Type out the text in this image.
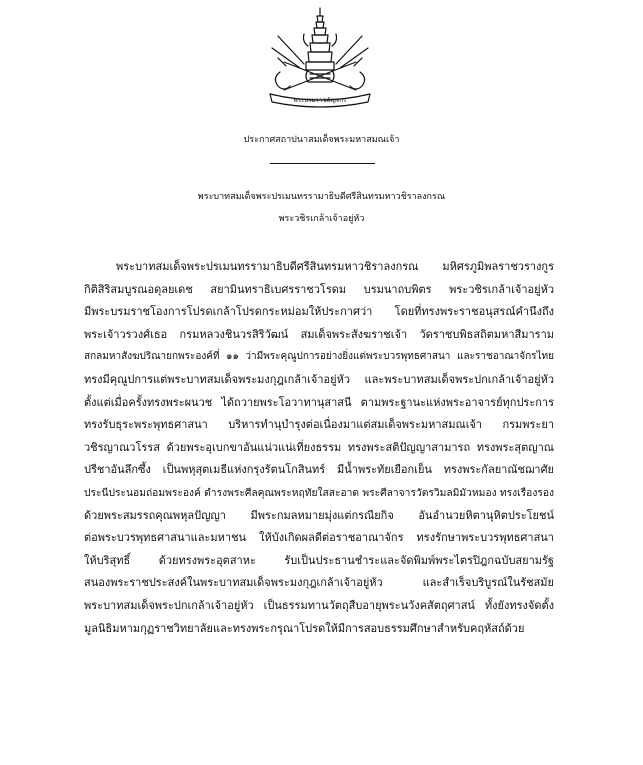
พระปรมราชลัญจกร
ประกาศสถาปนาสมเด็จพระมหาสมณเจ้า
พระบาทสมเด็จพระปรเมนทรรามาธิบดีศรีสินทรมหาวชิราลงกรณ
พระวชิรเกล้าเจ้าอยู่หัว
พระบาทสมเด็จพระปรเมนทรรามาธิบดีศรีสินทรมหาวชิราลงกรณ มหิศรภูมิพลราชวรางกูร
กิติสิริสมบูรณอดุลยเดช สยามินทราธิเบศรราชวโรดม บรมนาถบพิตร พระวชิรเกล้าเจ้าอยู่หัว
มีพระบรมราชโองการโปรดเกล้าโปรดกระหม่อมให้ประกาศว่า โดยที่ทรงพระราชอนุสรณ์คำนึงถึง
พระเจ้าวรวงศ์เธอ กรมหลวงชินวรสิริวัฒน์ สมเด็จพระสังฆราชเจ้า วัดราชบพิธสถิตมหาสีมาราม
สกลมหาสังฆปริณายกพระองค์ที่ ๑๑ ว่ามีพระคุณูปการอย่างยิ่งแต่พระบวรพุทธศาสนา และราชอาณาจักรไทย
ทรงมีคุณูปการแต่พระบาทสมเด็จพระมงกุฎเกล้าเจ้าอยู่หัว และพระบาทสมเด็จพระปกเกล้าเจ้าอยู่หัว
ตั้งแต่เมื่อครั้งทรงพระผนวช ได้ถวายพระโอวาทานุสาสนี ตามพระฐานะแห่งพระอาจารย์ทุกประการ
ทรงรับธุระพระพุทธศาสนา บริหารทำนุบำรุงต่อเนื่องมาแต่สมเด็จพระมหาสมณเจ้า กรมพระยา
วชิรญาณวโรรส ด้วยพระอุเบกขาอันแน่วแน่เที่ยงธรรม ทรงพระสติปัญญาสามารถ ทรงพระสุตญาณ
ปรีชาอันลึกซึ้ง เป็นพหุสุตเมธีแห่งกรุงรัตนโกสินทร์ มีน้ำพระทัยเยือกเย็น ทรงพระกัลยาณัชฌาศัย
ประนีประนอมถ่อมพระองค์ ดำรงพระศีลคุณพระหฤทัยใสสะอาด พระศีลาจารวัตรวิมลมิมัวหมอง ทรงเรืองรอง
ด้วยพระสมรรถคุณพหุลปัญญา มีพระกมลหมายมุ่งแต่กรณียกิจ อันอำนวยหิตานุหิตประโยชน์
ต่อพระบวรพุทธศาสนาและมหาชน ให้บังเกิดผลดีต่อราชอาณาจักร ทรงรักษาพระบวรพุทธศาสนา
ให้บริสุทธิ์ ด้วยทรงพระอุตสาหะ รับเป็นประธานชำระและจัดพิมพ์พระไตรปิฎกฉบับสยามรัฐ
สนองพระราชประสงค์ในพระบาทสมเด็จพระมงกุฎเกล้าเจ้าอยู่หัว และสำเร็จบริบูรณ์ในรัชสมัย
พระบาทสมเด็จพระปกเกล้าเจ้าอยู่หัว เป็นธรรมทานวัตถุสืบอายุพระนวังคสัตถุศาสน์ ทั้งยังทรงจัดตั้ง
มูลนิธิมหามกุฏราชวิทยาลัยและทรงพระกรุณาโปรดให้มีการสอบธรรมศึกษาสำหรับคฤหัสถ์ด้วย
